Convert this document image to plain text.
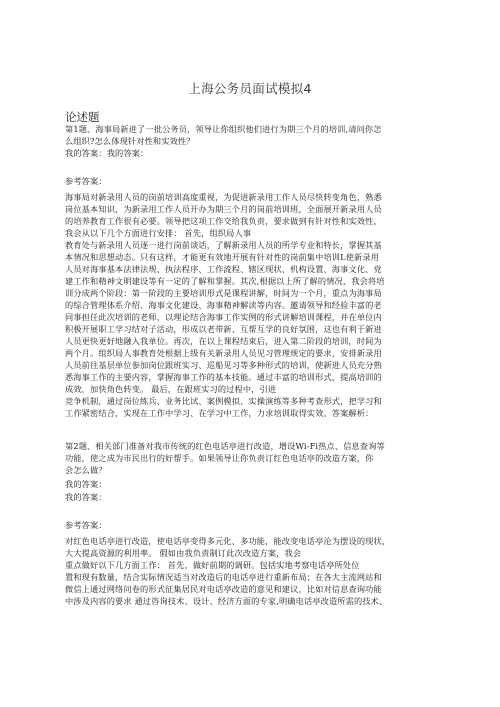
上海公务员面试模拟4
论述题
第1题、海事局新进了一批公务员，领导让你组织他们进行为期三个月的培训,请问你怎
么组织?怎么体现针对性和实效性？
我的答案：我的答案：
参考答案：
海事局对新录用人员的岗前培训高度重视，为促进新录用工作人员尽快转变角色，熟悉
岗位基本知识，为新录用工作人员开办为期三个月的岗前培训班，全面展开新录用人员
的培养教育工作很有必要。领导把这项工作交给我负责，要求做到有针对性和实效性，
我会从以下几个方面进行安排： 首先，组织局人事
教育处与新录用人员逐一进行岗前谈话，了解新录用人员的所学专业和特长，掌握其基
本情况和思想动态。只有这样，才能更有效地开展有针对性的岗前集中培训L使新录用
人员对海事基本法律法规、执法程序、工作流程、辖区现状、机构设置、海事文化、党
建工作和精神文明建设等有一定的了解和掌握。其次,根据以上所了解的情况，我会将培
训分成两个阶段：第一阶段的主要培训形式是课程讲解，时间为一个月，重点为海事局
的综合管理体系介绍、海事文化建设、海事精神解读等内容。邀请领导和经验丰富的老
同事担任此次培训的老师，以理论结合海事工作实例的形式讲解培训课程，并在单位内
积极开展职工学习结对子活动，形成以老带新、互帮互学的良好氛围，这也有利于新进
人员更快更好地融入我单位。再次，在以上课程结束后，进入第二阶段的培训，时间为
两个月。组织局人事教育处根据上级有关新录用人员见习管理规定的要求，安排新录用
人员前往基层单位参加岗位跟班实习、巡船见习等多种形式的培训，使新进人员充分熟
悉海事工作的主要内容，掌握海事工作的基本技能。通过丰富的培训形式，提高培训的
成效，加快角色转变。 最后，在跟班实习的过程中，引进
竞争机制，通过岗位练兵、业务比试、案例模拟、实操演练等多种考查形式，把学习和
工作紧密结合，实现在工作中学习、在学习中工作，力求培训取得实效。答案解析：
第2题、相关部门准备对我市传统的红色电话亭进行改造，增设Wi-Fi热点、信息查询等
功能，使之成为市民出行的好帮手。如果领导让你负责订红色电话亭的改造方案，你
会怎么做？
我的答案：
我的答案：
参考答案：
对红色电话亭进行改造，使电话亭变得多元化、多功能，能改变电话亭沦为摆设的现状，
大大提高资源的利用率。 假如由我负责制订此次改造方案，我会
重点做好以下几方面工作： 首先，做好前期的调研。包括实地考察电话亭所处位
置和现有数量，结合实际情况适当对改造后的电话亭进行重新布局；在各大主流网站和
微信上通过网络问卷的形式征集居民对电话亭改造的意见和建议，比如对信息查询功能
中涉及内容的要求 通过咨询技术、设计、经济方面的专家,明确电话亭改造所需的技术、
